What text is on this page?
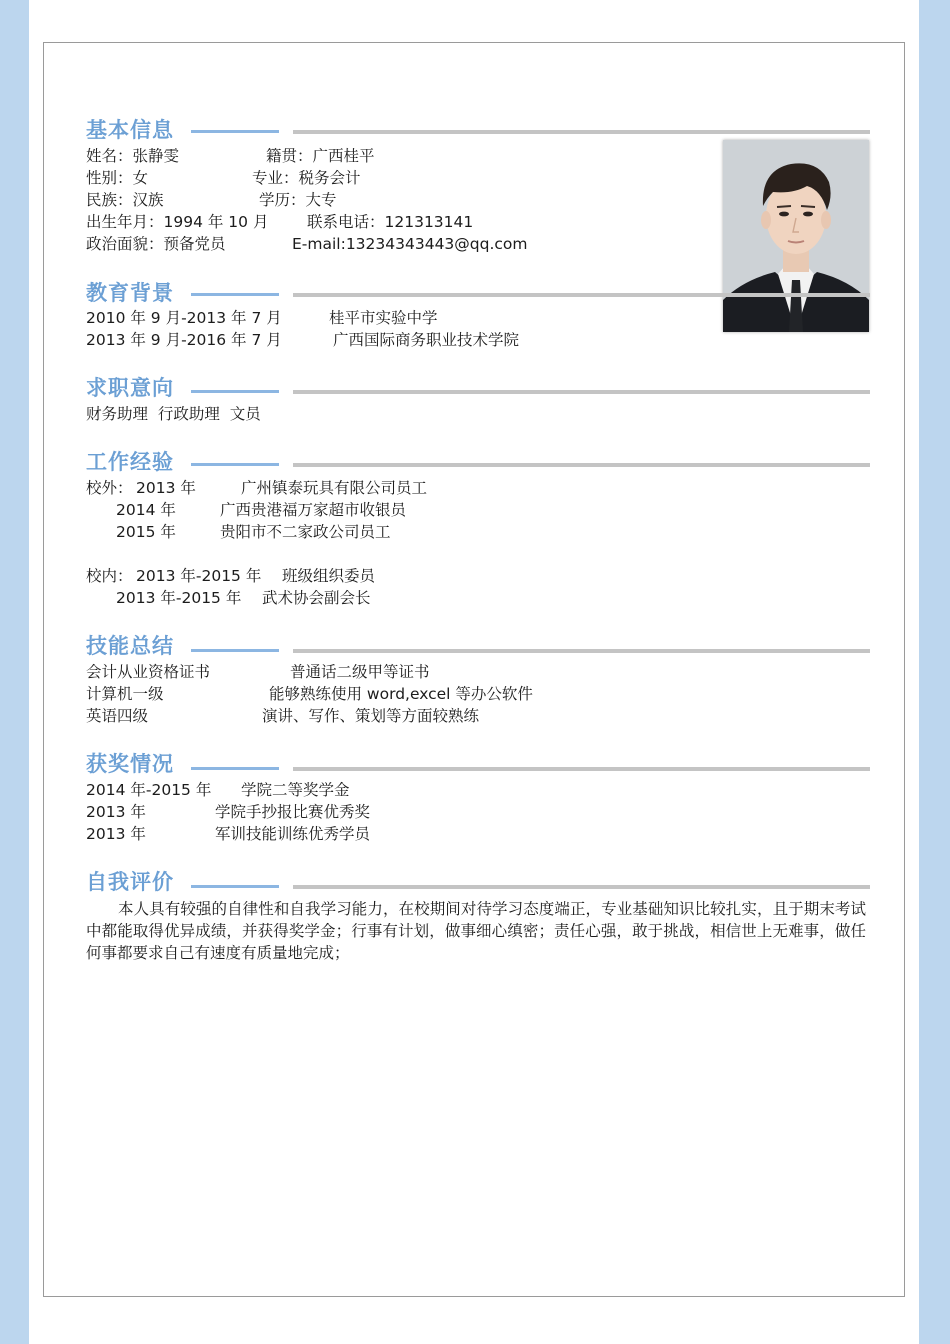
基本信息
姓名：张静雯	籍贯：广西桂平
性别：女	专业：税务会计
民族：汉族	学历：大专
出生年月：1994 年 10 月 联系电话：121313141
政治面貌：预备党员	E-mail:13234343443@qq.com
教育背景
2010 年 9 月-2013 年 7 月	桂平市实验中学
2013 年 9 月-2016 年 7 月	广西国际商务职业技术学院
求职意向
财务助理  行政助理  文员
工作经验
校外： 2013 年	广州镇泰玩具有限公司员工
2014 年	广西贵港福万家超市收银员
2015 年	贵阳市不二家政公司员工
校内： 2013 年-2015 年 班级组织委员
2013 年-2015 年 武术协会副会长
技能总结
会计从业资格证书	普通话二级甲等证书
计算机一级	能够熟练使用 word,excel 等办公软件
英语四级	演讲、写作、策划等方面较熟练
获奖情况
2014 年-2015 年 学院二等奖学金
2013 年	学院手抄报比赛优秀奖
2013 年	军训技能训练优秀学员
自我评价
本人具有较强的自律性和自我学习能力，在校期间对待学习态度端正，专业基础知识比较扎实，且于期末考试中都能取得优异成绩，并获得奖学金；行事有计划，做事细心缜密；责任心强，敢于挑战，相信世上无难事，做任何事都要求自己有速度有质量地完成；
